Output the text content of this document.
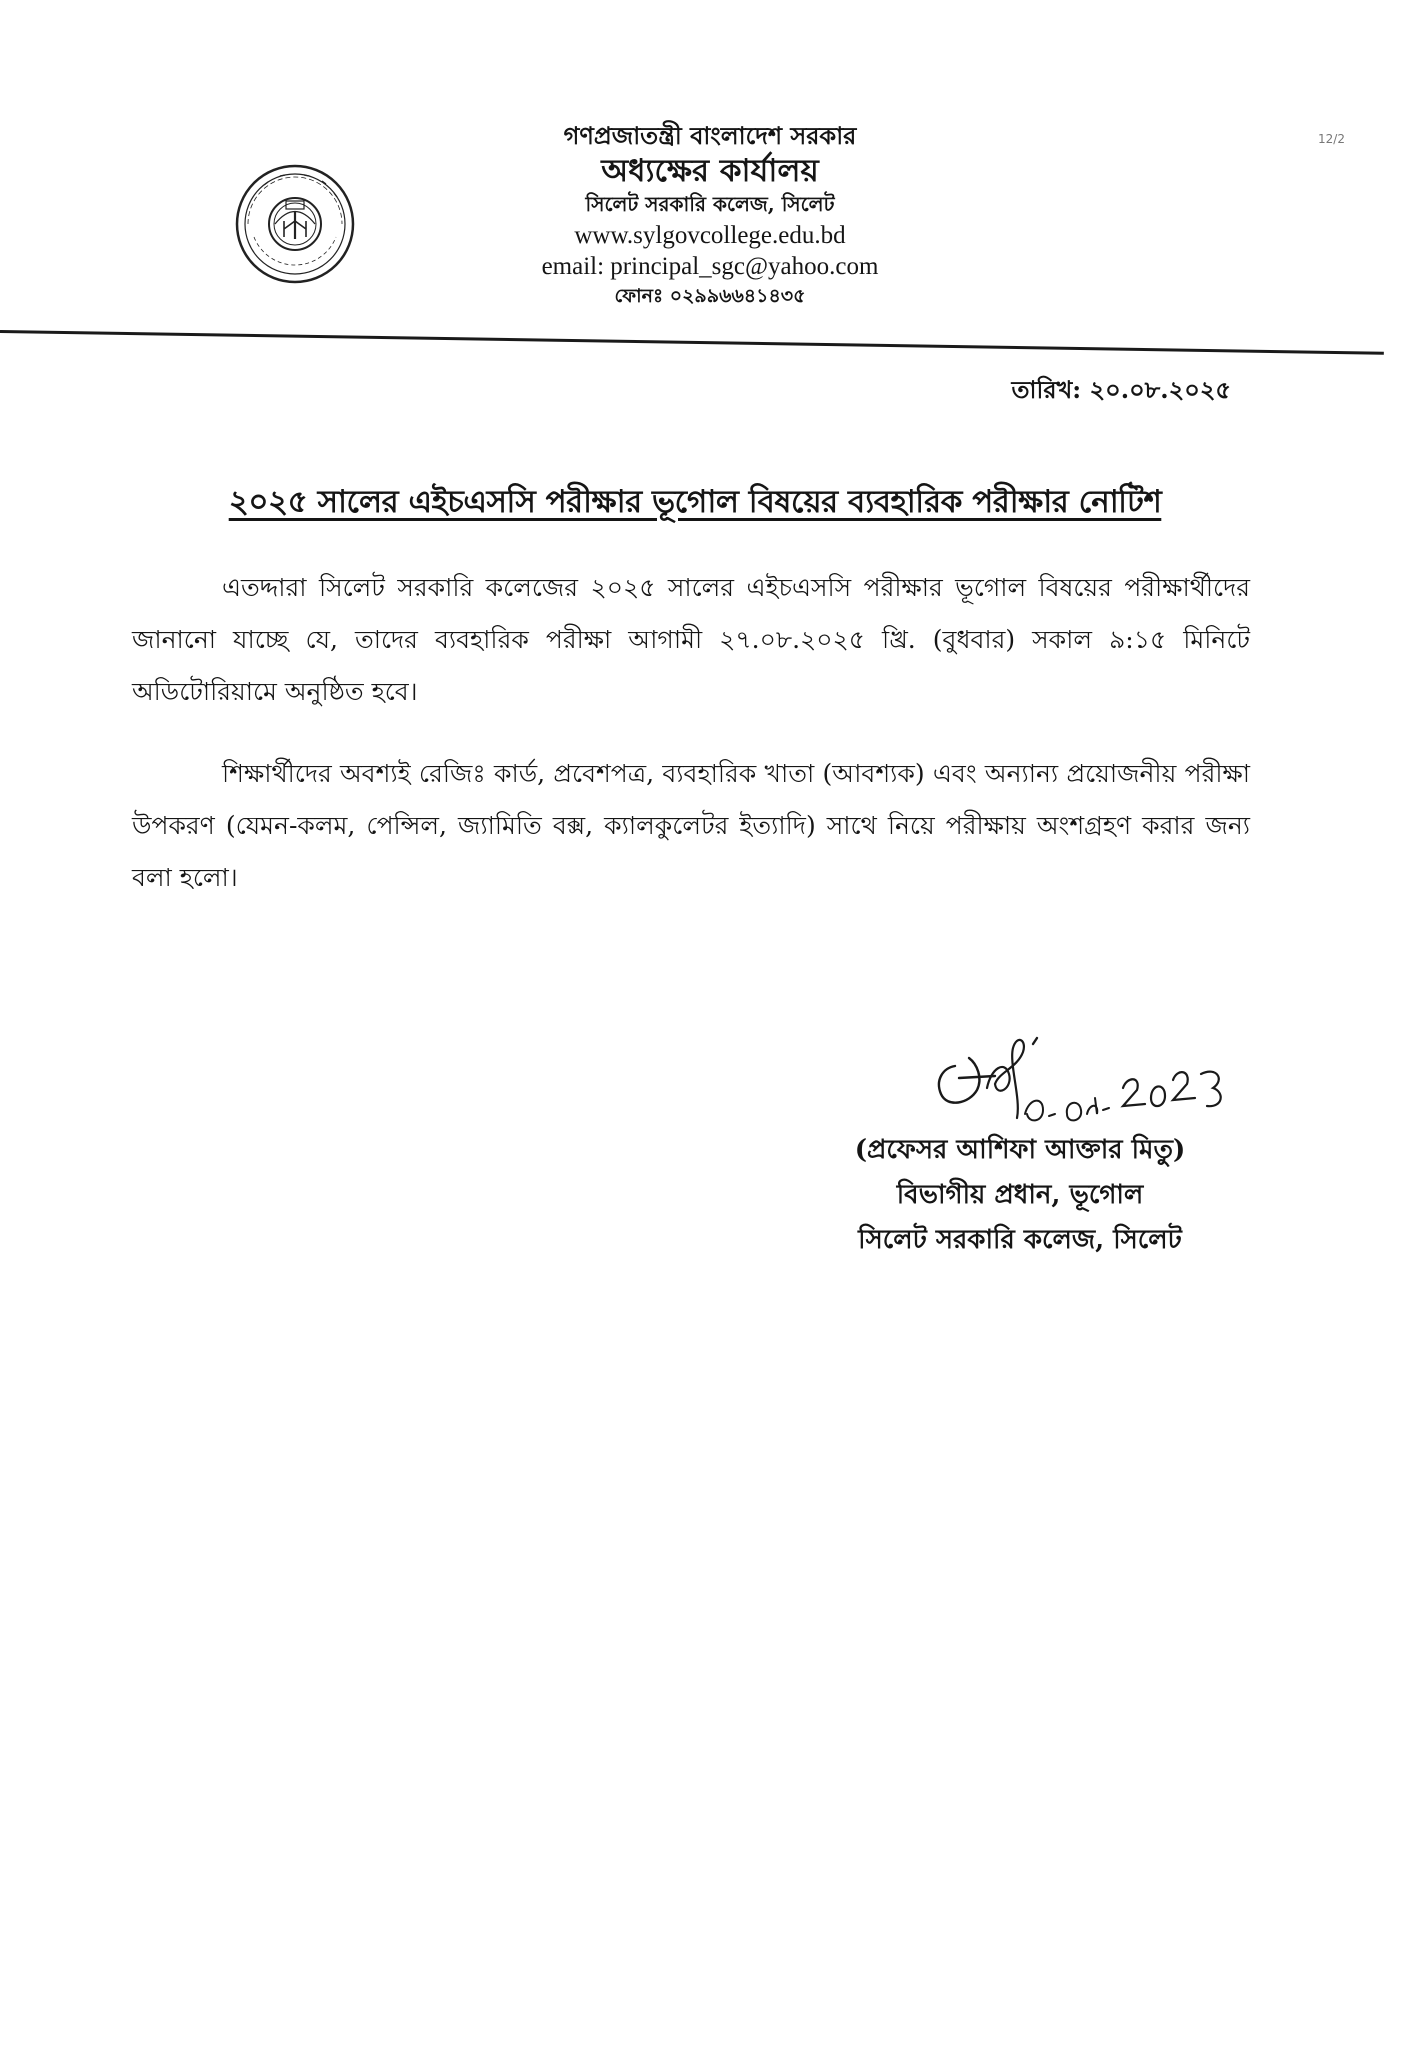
12/2
গণপ্রজাতন্ত্রী বাংলাদেশ সরকার
অধ্যক্ষের কার্যালয়
সিলেট সরকারি কলেজ, সিলেট
www.sylgovcollege.edu.bd
email: principal_sgc@yahoo.com
ফোনঃ ০২৯৯৬৬৪১৪৩৫
তারিখ: ২০.০৮.২০২৫
২০২৫ সালের এইচএসসি পরীক্ষার ভূগোল বিষয়ের ব্যবহারিক পরীক্ষার নোটিশ

এতদ্দারা সিলেট সরকারি কলেজের ২০২৫ সালের এইচএসসি পরীক্ষার ভূগোল বিষয়ের পরীক্ষার্থীদের জানানো যাচ্ছে যে, তাদের ব্যবহারিক পরীক্ষা আগামী ২৭.০৮.২০২৫ খ্রি. (বুধবার) সকাল ৯:১৫ মিনিটে অডিটোরিয়ামে অনুষ্ঠিত হবে।

শিক্ষার্থীদের অবশ্যই রেজিঃ কার্ড, প্রবেশপত্র, ব্যবহারিক খাতা (আবশ্যক) এবং অন্যান্য প্রয়োজনীয় পরীক্ষা উপকরণ (যেমন-কলম, পেন্সিল, জ্যামিতি বক্স, ক্যালকুলেটর ইত্যাদি) সাথে নিয়ে পরীক্ষায় অংশগ্রহণ করার জন্য বলা হলো।

(প্রফেসর আশিফা আক্তার মিতু)
বিভাগীয় প্রধান, ভূগোল
সিলেট সরকারি কলেজ, সিলেট
